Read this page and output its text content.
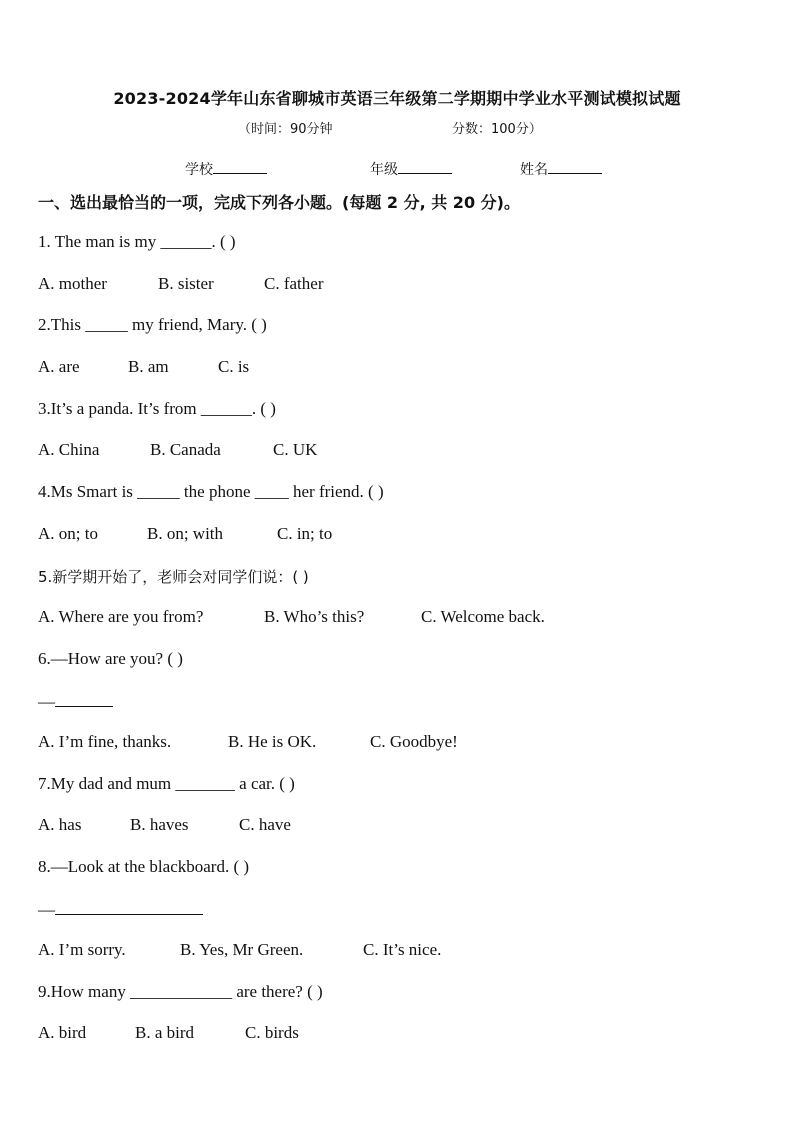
2023-2024学年山东省聊城市英语三年级第二学期期中学业水平测试模拟试题
（时间：90分钟	分数：100分）
学校	年级	姓名
一、选出最恰当的一项，完成下列各小题。(每题 2 分, 共 20 分)。
1. The man is my ______. ( )
A. mother	B. sister	C. father
2.This _____ my friend, Mary. ( )
A. are	B. am	C. is
3.It’s a panda. It’s from ______. ( )
A. China	B. Canada	C. UK
4.Ms Smart is _____ the phone ____ her friend. ( )
A. on; to	B. on; with	C. in; to
5.新学期开始了，老师会对同学们说：( )
A. Where are you from?	B. Who’s this?	C. Welcome back.
6.—How are you? ( )
—
A. I’m fine, thanks.	B. He is OK.	C. Goodbye!
7.My dad and mum _______ a car. ( )
A. has	B. haves	C. have
8.—Look at the blackboard. ( )
—
A. I’m sorry.	B. Yes, Mr Green.	C. It’s nice.
9.How many ____________ are there? ( )
A. bird	B. a bird	C. birds
